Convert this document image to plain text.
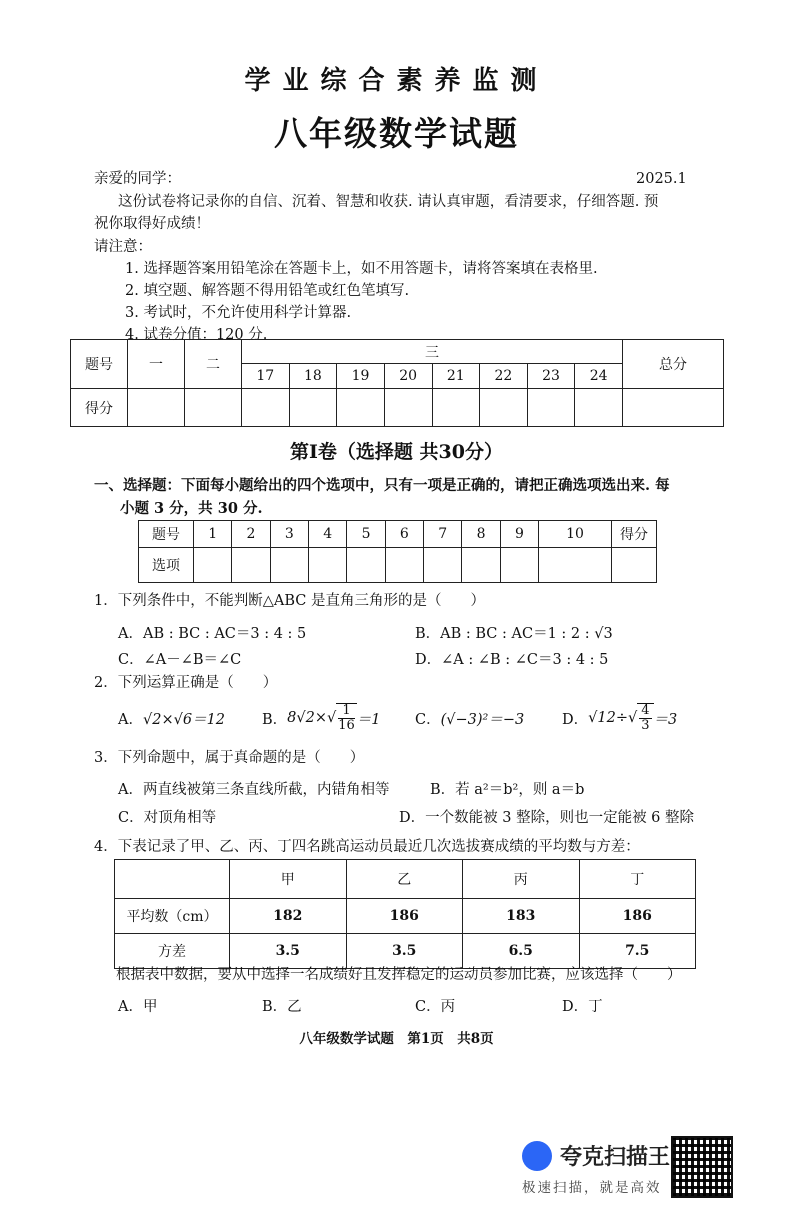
学业综合素养监测
八年级数学试题
亲爱的同学：	2025.1
这份试卷将记录你的自信、沉着、智慧和收获. 请认真审题，看清要求，仔细答题. 预
祝你取得好成绩！
请注意：
1. 选择题答案用铅笔涂在答题卡上，如不用答题卡，请将答案填在表格里.
2. 填空题、解答题不得用铅笔或红色笔填写.
3. 考试时，不允许使用科学计算器.
4. 试卷分值：120 分.
题号	一	二	三								总分
			17	18	19	20	21	22	23	24	
得分											
第Ⅰ卷（选择题 共30分）
一、选择题：下面每小题给出的四个选项中，只有一项是正确的，请把正确选项选出来. 每
小题 3 分，共 30 分.
题号	1	2	3	4	5	6	7	8	9	10	得分
选项											
1．下列条件中，不能判断△ABC 是直角三角形的是（　　）
A．AB : BC : AC＝3 : 4 : 5	B．AB : BC : AC＝1 : 2 : √3
C．∠A－∠B＝∠C	D．∠A : ∠B : ∠C＝3 : 4 : 5
2．下列运算正确是（　　）
A．√2×√6＝12	B． 8√2× √ $\frac{1}{16} =1$ C．(√−3)²＝−3	D． √12÷ √ $\frac{4}{3} =3$
3．下列命题中，属于真命题的是（　　）
A．两直线被第三条直线所截，内错角相等	B．若 a²＝b²，则 a＝b
C．对顶角相等	D．一个数能被 3 整除，则也一定能被 6 整除
4．下表记录了甲、乙、丙、丁四名跳高运动员最近几次选拔赛成绩的平均数与方差：
	甲	乙	丙	丁
平均数（cm）	182	186	183	186
方差	3.5	3.5	6.5	7.5
根据表中数据，要从中选择一名成绩好且发挥稳定的运动员参加比赛，应该选择（　　）
A．甲	B．乙	C．丙	D．丁
八年级数学试题　第1页　共8页
夸克扫描王
极速扫描，就是高效
